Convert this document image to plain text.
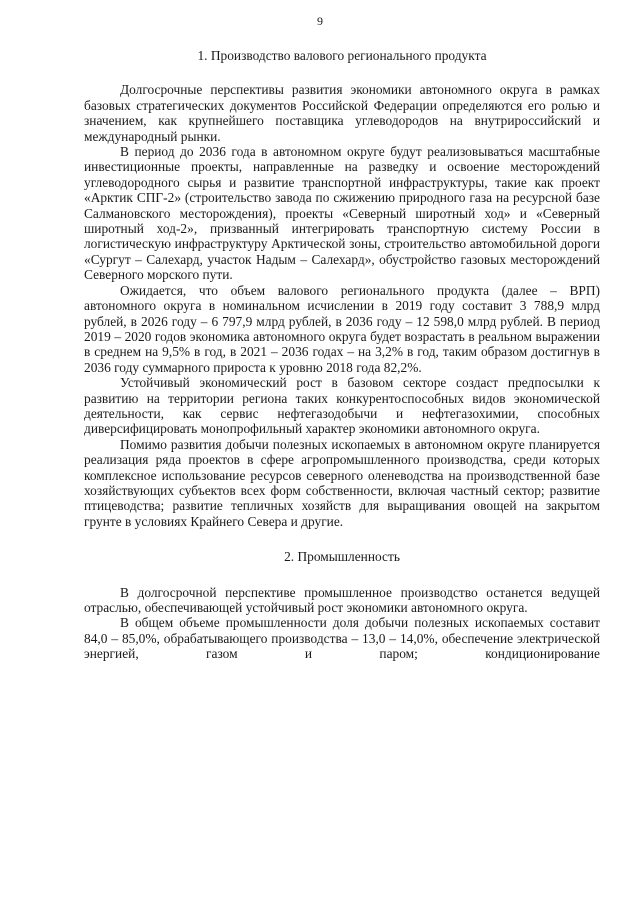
9
1. Производство валового регионального продукта

Долгосрочные перспективы развития экономики автономного округа в рамках базовых стратегических документов Российской Федерации определяются его ролью и значением, как крупнейшего поставщика углеводородов на внутрироссийский и международный рынки.

В период до 2036 года в автономном округе будут реализовываться масштабные инвестиционные проекты, направленные на разведку и освоение месторождений углеводородного сырья и развитие транспортной инфраструктуры, такие как проект «Арктик СПГ-2» (строительство завода по сжижению природного газа на ресурсной базе Салмановского месторождения), проекты «Северный широтный ход» и «Северный широтный ход-2», призванный интегрировать транспортную систему России в логистическую инфраструктуру Арктической зоны, строительство автомобильной дороги «Сургут – Салехард, участок Надым – Салехард», обустройство газовых месторождений Северного морского пути.

Ожидается, что объем валового регионального продукта (далее – ВРП) автономного округа в номинальном исчислении в 2019 году составит 3 788,9 млрд рублей, в 2026 году – 6 797,9 млрд рублей, в 2036 году – 12 598,0 млрд рублей. В период 2019 – 2020 годов экономика автономного округа будет возрастать в реальном выражении в среднем на 9,5% в год, в 2021 – 2036 годах – на 3,2% в год, таким образом достигнув в 2036 году суммарного прироста к уровню 2018 года 82,2%.

Устойчивый экономический рост в базовом секторе создаст предпосылки к развитию на территории региона таких конкурентоспособных видов экономической деятельности, как сервис нефтегазодобычи и нефтегазохимии, способных диверсифицировать монопрофильный характер экономики автономного округа.

Помимо развития добычи полезных ископаемых в автономном округе планируется реализация ряда проектов в сфере агропромышленного производства, среди которых комплексное использование ресурсов северного оленеводства на производственной базе хозяйствующих субъектов всех форм собственности, включая частный сектор; развитие птицеводства; развитие тепличных хозяйств для выращивания овощей на закрытом грунте в условиях Крайнего Севера и другие.

2. Промышленность

В долгосрочной перспективе промышленное производство останется ведущей отраслью, обеспечивающей устойчивый рост экономики автономного округа.

В общем объеме промышленности доля добычи полезных ископаемых составит 84,0 – 85,0%, обрабатывающего производства – 13,0 – 14,0%, обеспечение электрической энергией, газом и паром; кондиционирование
